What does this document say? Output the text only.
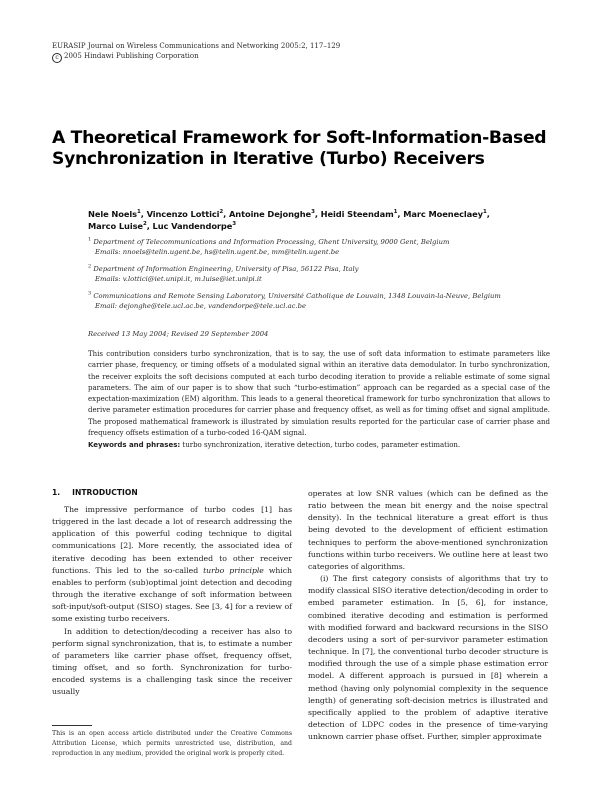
EURASIP Journal on Wireless Communications and Networking 2005:2, 117–129
c 2005 Hindawi Publishing Corporation
A Theoretical Framework for Soft-Information-Based
Synchronization in Iterative (Turbo) Receivers
Nele Noels$^1$, Vincenzo Lottici$^2$, Antoine Dejonghe$^3$, Heidi Steendam$^1$, Marc Moeneclaey$^1$,
Marco Luise$^2$, Luc Vandendorpe$^3$
$^1$ Department of Telecommunications and Information Processing, Ghent University, 9000 Gent, Belgium
Emails: nnoels@telin.ugent.be, hs@telin.ugent.be, mm@telin.ugent.be
$^2$ Department of Information Engineering, University of Pisa, 56122 Pisa, Italy
Emails: v.lottici@iet.unipi.it, m.luise@iet.unipi.it
$^3$ Communications and Remote Sensing Laboratory, Université Catholique de Louvain, 1348 Louvain-la-Neuve, Belgium
Email: dejonghe@tele.ucl.ac.be, vandendorpe@tele.ucl.ac.be
Received 13 May 2004; Revised 29 September 2004
This contribution considers turbo synchronization, that is to say, the use of soft data information to estimate parameters like carrier phase, frequency, or timing offsets of a modulated signal within an iterative data demodulator. In turbo synchronization, the receiver exploits the soft decisions computed at each turbo decoding iteration to provide a reliable estimate of some signal parameters. The aim of our paper is to show that such “turbo-estimation” approach can be regarded as a special case of the expectation-maximization (EM) algorithm. This leads to a general theoretical framework for turbo synchronization that allows to derive parameter estimation procedures for carrier phase and frequency offset, as well as for timing offset and signal amplitude. The proposed mathematical framework is illustrated by simulation results reported for the particular case of carrier phase and frequency offsets estimation of a turbo-coded 16-QAM signal.
Keywords and phrases: turbo synchronization, iterative detection, turbo codes, parameter estimation.
1. INTRODUCTION

The impressive performance of turbo codes [1] has triggered in the last decade a lot of research addressing the application of this powerful coding technique to digital communications [2]. More recently, the associated idea of iterative decoding has been extended to other receiver functions. This led to the so-called turbo principle which enables to perform (sub)optimal joint detection and decoding through the iterative exchange of soft information between soft-input/soft-output (SISO) stages. See [3, 4] for a review of some existing turbo receivers.

In addition to detection/decoding a receiver has also to perform signal synchronization, that is, to estimate a number of parameters like carrier phase offset, frequency offset, timing offset, and so forth. Synchronization for turbo-encoded systems is a challenging task since the receiver usually

operates at low SNR values (which can be defined as the ratio between the mean bit energy and the noise spectral density). In the technical literature a great effort is thus being devoted to the development of efficient estimation techniques to perform the above-mentioned synchronization functions within turbo receivers. We outline here at least two categories of algorithms.

(i) The first category consists of algorithms that try to modify classical SISO iterative detection/decoding in order to embed parameter estimation. In [5, 6], for instance, combined iterative decoding and estimation is performed with modified forward and backward recursions in the SISO decoders using a sort of per-survivor parameter estimation technique. In [7], the conventional turbo decoder structure is modified through the use of a simple phase estimation error model. A different approach is pursued in [8] wherein a method (having only polynomial complexity in the sequence length) of generating soft-decision metrics is illustrated and specifically applied to the problem of adaptive iterative detection of LDPC codes in the presence of time-varying unknown carrier phase offset. Further, simpler approximate

This is an open access article distributed under the Creative Commons Attribution License, which permits unrestricted use, distribution, and reproduction in any medium, provided the original work is properly cited.
